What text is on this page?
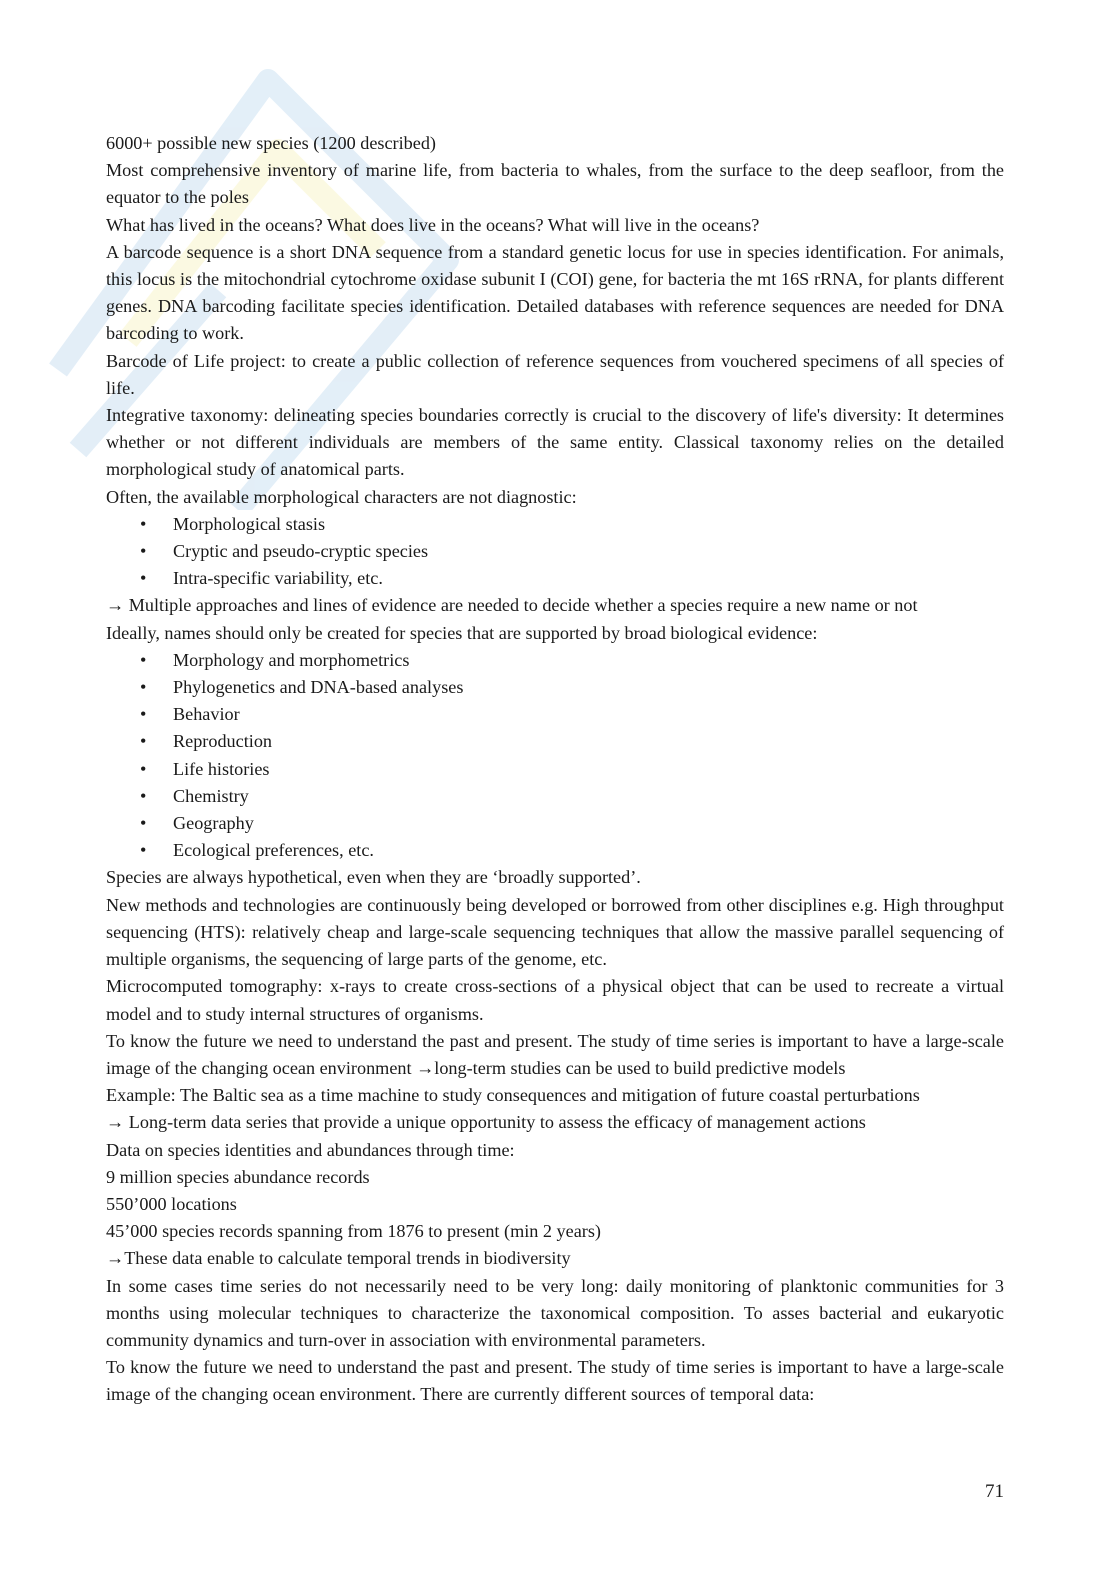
6000+ possible new species (1200 described)

Most comprehensive inventory of marine life, from bacteria to whales, from the surface to the deep seafloor, from the equator to the poles

What has lived in the oceans? What does live in the oceans? What will live in the oceans?

A barcode sequence is a short DNA sequence from a standard genetic locus for use in species identification. For animals, this locus is the mitochondrial cytochrome oxidase subunit I (COI) gene, for bacteria the mt 16S rRNA, for plants different genes. DNA barcoding facilitate species identification. Detailed databases with reference sequences are needed for DNA barcoding to work.

Barcode of Life project: to create a public collection of reference sequences from vouchered specimens of all species of life.

Integrative taxonomy: delineating species boundaries correctly is crucial to the discovery of life's diversity: It determines whether or not different individuals are members of the same entity. Classical taxonomy relies on the detailed morphological study of anatomical parts.

Often, the available morphological characters are not diagnostic:

• Morphological stasis
• Cryptic and pseudo-cryptic species
• Intra-specific variability, etc.

→ Multiple approaches and lines of evidence are needed to decide whether a species require a new name or not

Ideally, names should only be created for species that are supported by broad biological evidence:

• Morphology and morphometrics
• Phylogenetics and DNA-based analyses
• Behavior
• Reproduction
• Life histories
• Chemistry
• Geography
• Ecological preferences, etc.

Species are always hypothetical, even when they are ‘broadly supported’.

New methods and technologies are continuously being developed or borrowed from other disciplines e.g. High throughput sequencing (HTS): relatively cheap and large-scale sequencing techniques that allow the massive parallel sequencing of multiple organisms, the sequencing of large parts of the genome, etc.

Microcomputed tomography: x-rays to create cross-sections of a physical object that can be used to recreate a virtual model and to study internal structures of organisms.

To know the future we need to understand the past and present. The study of time series is important to have a large-scale image of the changing ocean environment →long-term studies can be used to build predictive models

Example: The Baltic sea as a time machine to study consequences and mitigation of future coastal perturbations

→ Long-term data series that provide a unique opportunity to assess the efficacy of management actions

Data on species identities and abundances through time:

9 million species abundance records

550’000 locations

45’000 species records spanning from 1876 to present (min 2 years)

→These data enable to calculate temporal trends in biodiversity

In some cases time series do not necessarily need to be very long: daily monitoring of planktonic communities for 3 months using molecular techniques to characterize the taxonomical composition. To asses bacterial and eukaryotic community dynamics and turn-over in association with environmental parameters.

To know the future we need to understand the past and present. The study of time series is important to have a large-scale image of the changing ocean environment. There are currently different sources of temporal data:

71
